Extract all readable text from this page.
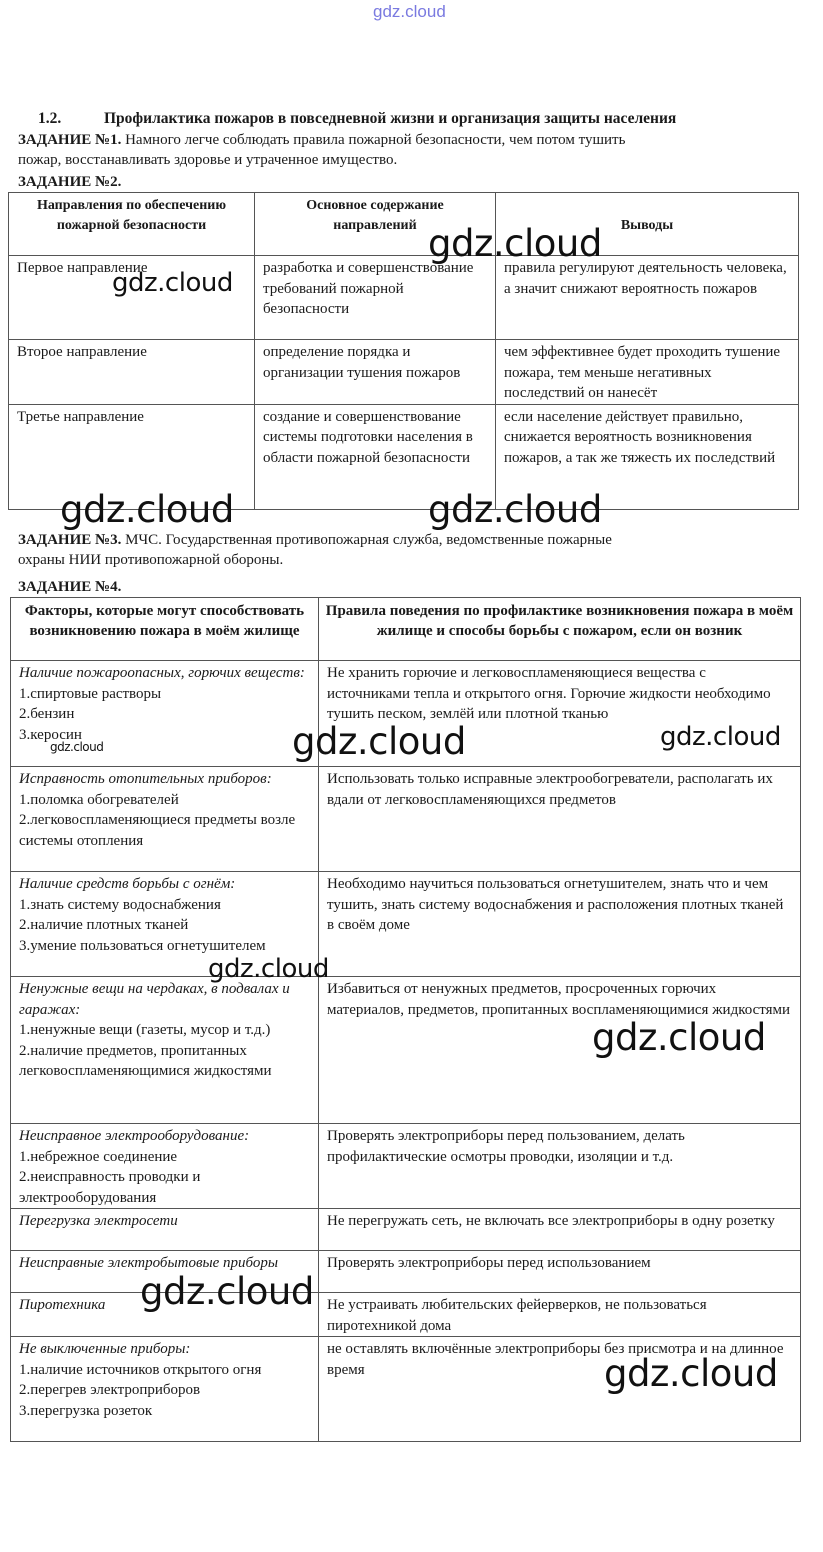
gdz.cloud
1.2.	Профилактика пожаров в повседневной жизни и организация защиты населения
ЗАДАНИЕ №1. Намного легче соблюдать правила пожарной безопасности, чем потом тушить
пожар, восстанавливать здоровье и утраченное имущество.
ЗАДАНИЕ №2.
Направления по обеспечению пожарной безопасности	Основное содержание направлений	Выводы
Первое направление	разработка и совершенствование требований пожарной безопасности	правила регулируют деятельность человека, а значит снижают вероятность пожаров
Второе направление	определение порядка и организации тушения пожаров	чем эффективнее будет проходить тушение пожара, тем меньше негативных последствий он нанесёт
Третье направление	создание и совершенствование системы подготовки населения в области пожарной безопасности	если население действует правильно, снижается вероятность возникновения пожаров, а так же тяжесть их последствий
ЗАДАНИЕ №3. МЧС. Государственная противопожарная служба, ведомственные пожарные
охраны НИИ противопожарной обороны.
ЗАДАНИЕ №4.
Факторы, которые могут способствовать возникновению пожара в моём жилище	Правила поведения по профилактике возникновения пожара в моём жилище и способы борьбы с пожаром, если он возник

Наличие пожароопасных, горючих веществ:
1.спиртовые растворы
2.бензин
3.керосин	Не хранить горючие и легковоспламеняющиеся вещества с источниками тепла и открытого огня. Горючие жидкости необходимо тушить песком, землёй или плотной тканью

Исправность отопительных приборов:
1.поломка обогревателей
2.легковоспламеняющиеся предметы возле системы отопления	Использовать только исправные электрообогреватели, располагать их вдали от легковоспламеняющихся предметов

Наличие средств борьбы с огнём:
1.знать систему водоснабжения
2.наличие плотных тканей
3.умение пользоваться огнетушителем	Необходимо научиться пользоваться огнетушителем, знать что и чем тушить, знать систему водоснабжения и расположения плотных тканей в своём доме

Ненужные вещи на чердаках, в подвалах и гаражах:
1.ненужные вещи (газеты, мусор и т.д.)
2.наличие предметов, пропитанных легковоспламеняющимися жидкостями	Избавиться от ненужных предметов, просроченных горючих материалов, предметов, пропитанных воспламеняющимися жидкостями

Неисправное электрооборудование:
1.небрежное соединение
2.неисправность проводки и электрооборудования	Проверять электроприборы перед пользованием, делать профилактические осмотры проводки, изоляции и т.д.

Перегрузка электросети	Не перегружать сеть, не включать все электроприборы в одну розетку

Неисправные электробытовые приборы	Проверять электроприборы перед использованием

Пиротехника	Не устраивать любительских фейерверков, не пользоваться пиротехникой дома

Не выключенные приборы:
1.наличие источников открытого огня
2.перегрев электроприборов
3.перегрузка розеток	не оставлять включённые электроприборы без присмотра и на длинное время
gdz.cloud
gdz.cloud
gdz.cloud	gdz.cloud
gdz.cloud	gdz.cloud	gdz.cloud
gdz.cloud
gdz.cloud
gdz.cloud
gdz.cloud
